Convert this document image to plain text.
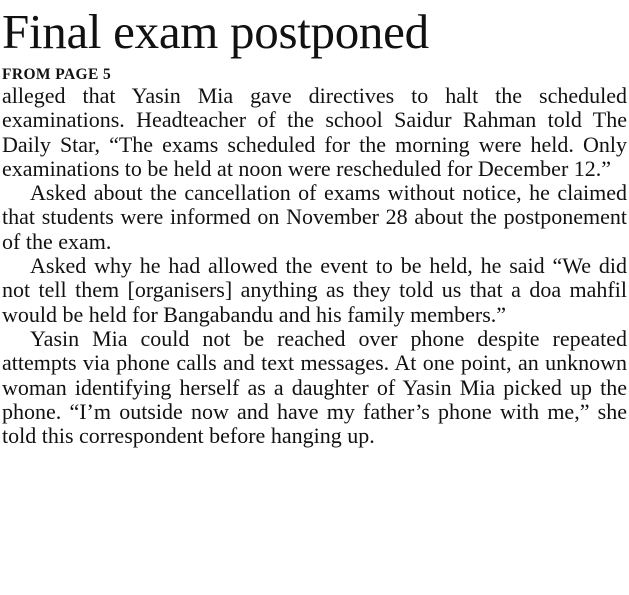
Final exam postponed
FROM PAGE 5

alleged that Yasin Mia gave directives to halt the scheduled examinations. Headteacher of the school Saidur Rahman told The Daily Star, “The exams scheduled for the morning were held. Only examinations to be held at noon were rescheduled for December 12.”

Asked about the cancellation of exams without notice, he claimed that students were informed on November 28 about the postponement of the exam.

Asked why he had allowed the event to be held, he said “We did not tell them [organisers] anything as they told us that a doa mahfil would be held for Bangabandu and his family members.”

Yasin Mia could not be reached over phone despite repeated attempts via phone calls and text messages. At one point, an unknown woman identifying herself as a daughter of Yasin Mia picked up the phone. “I’m outside now and have my father’s phone with me,” she told this correspondent before hanging up.
